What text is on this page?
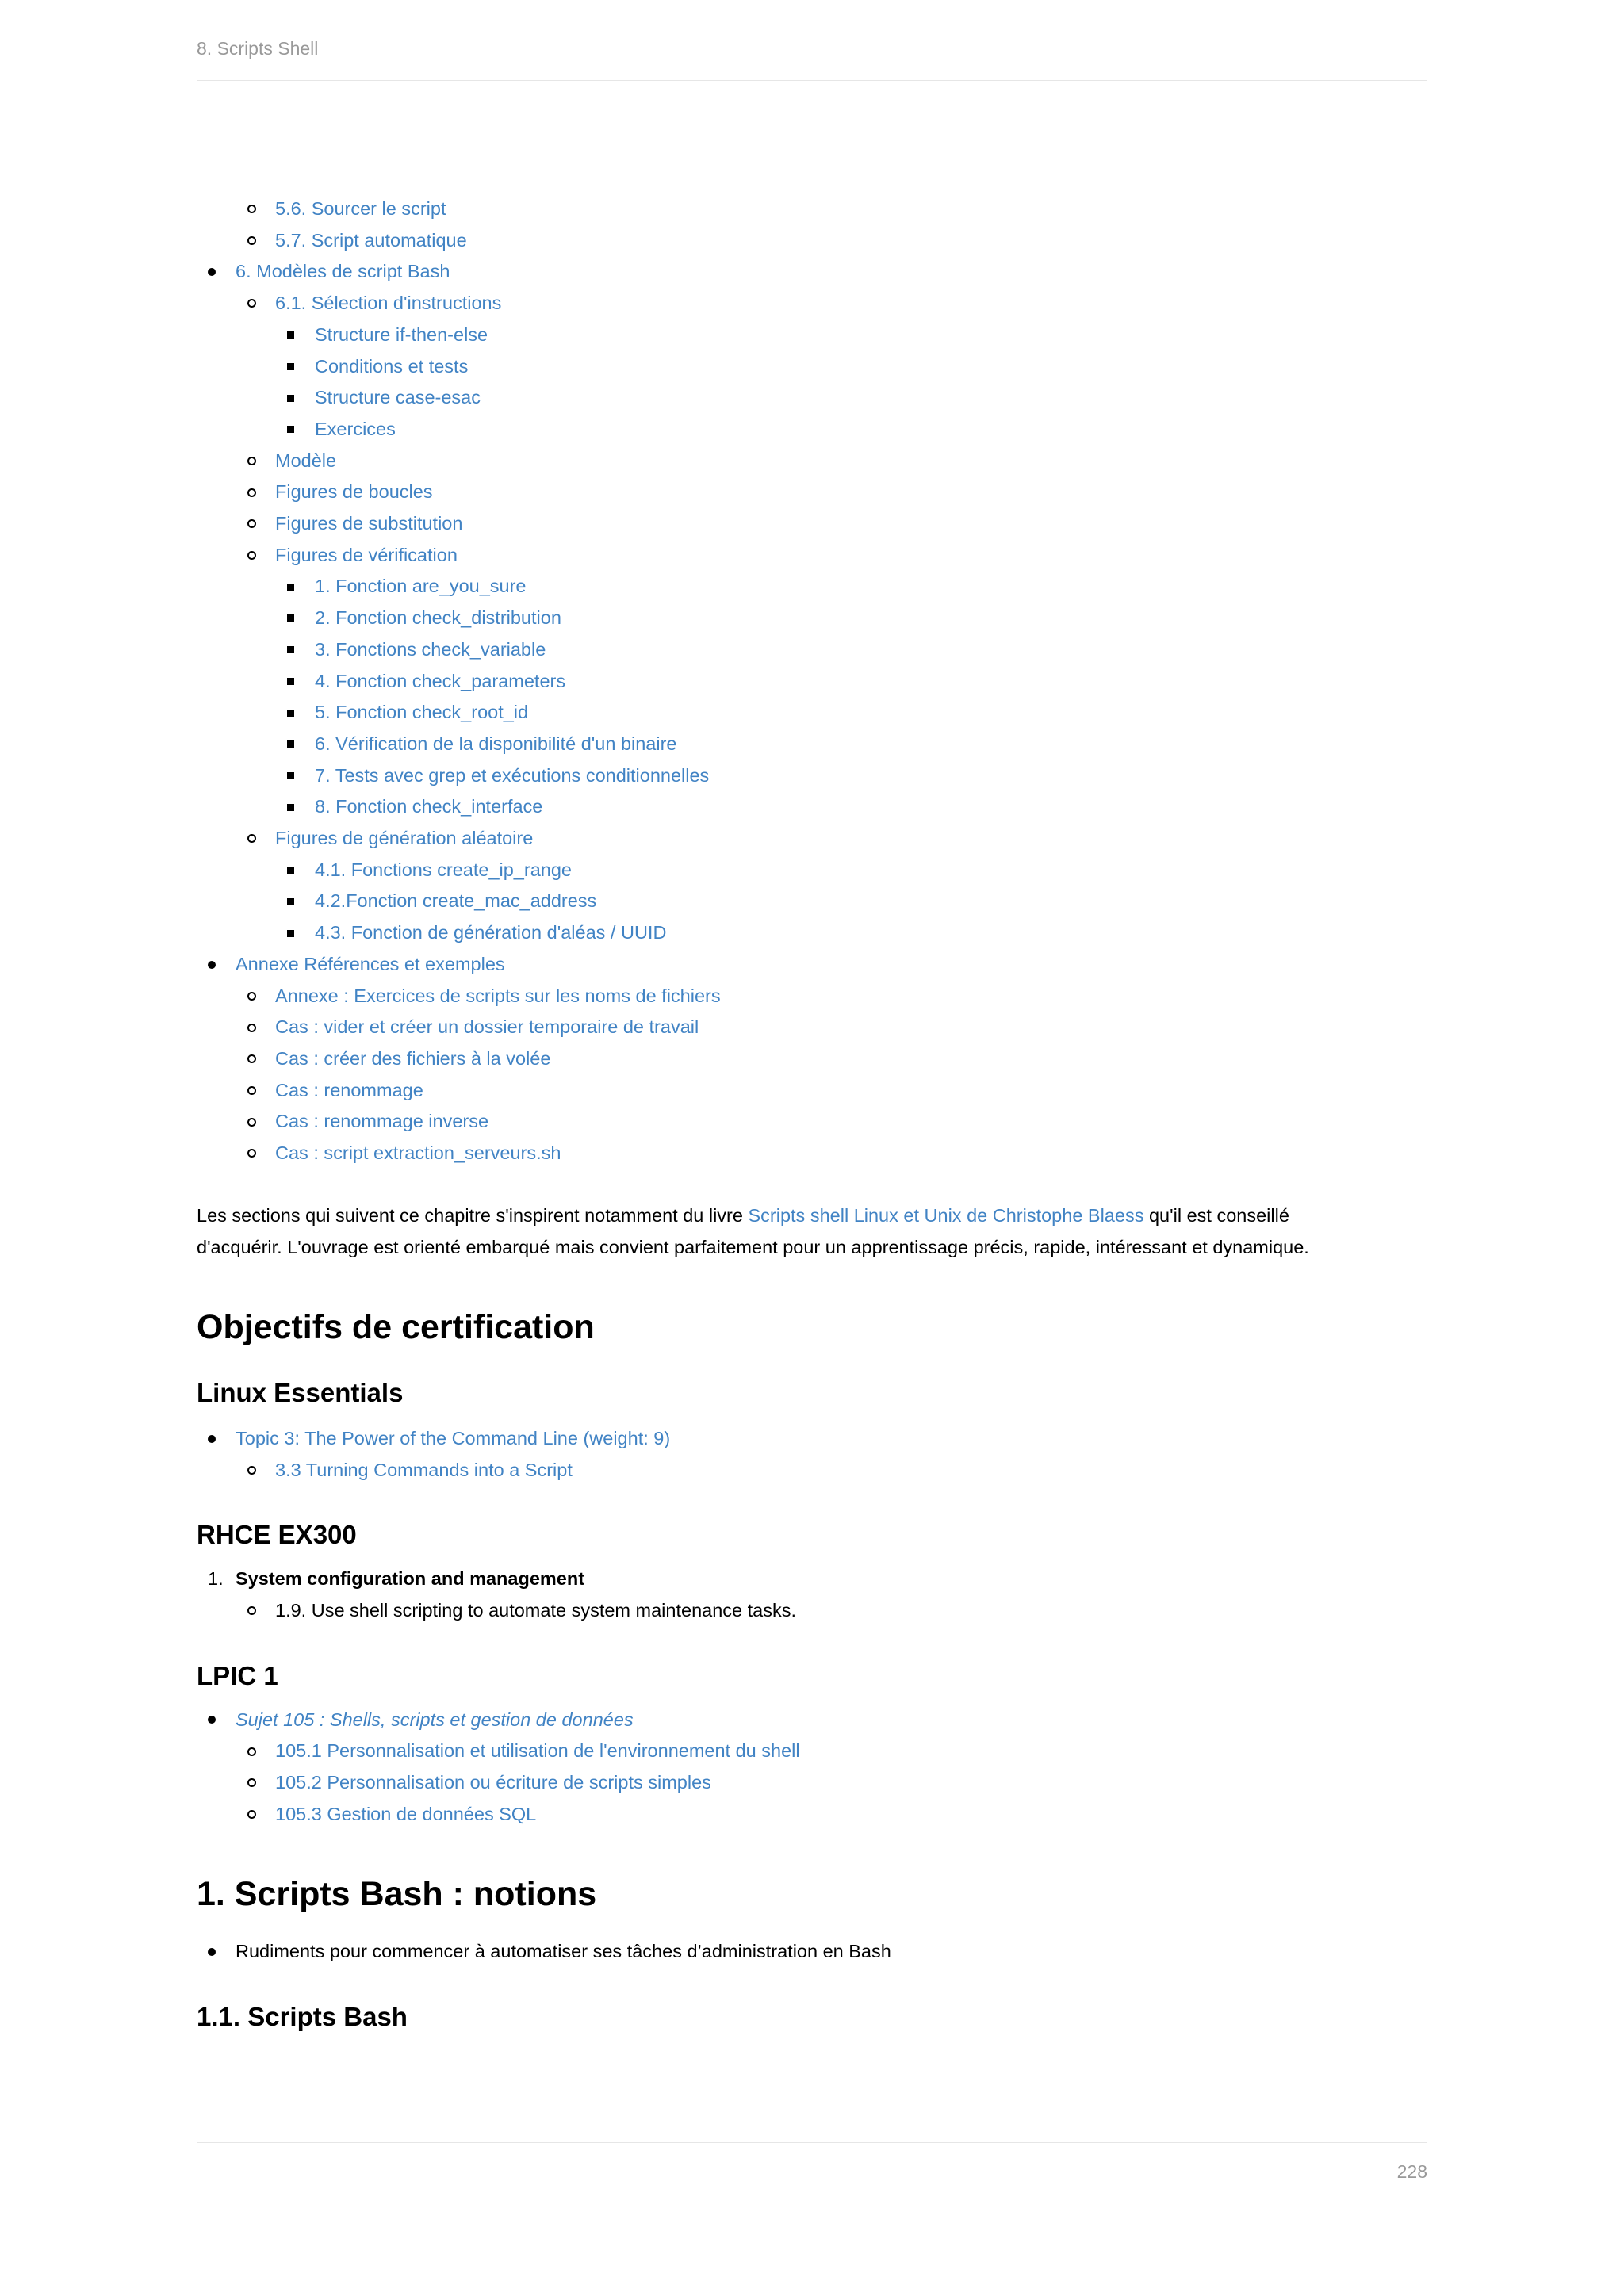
8. Scripts Shell
5.6. Sourcer le script
5.7. Script automatique
6. Modèles de script Bash
6.1. Sélection d'instructions
Structure if-then-else
Conditions et tests
Structure case-esac
Exercices
Modèle
Figures de boucles
Figures de substitution
Figures de vérification
1. Fonction are_you_sure
2. Fonction check_distribution
3. Fonctions check_variable
4. Fonction check_parameters
5. Fonction check_root_id
6. Vérification de la disponibilité d'un binaire
7. Tests avec grep et exécutions conditionnelles
8. Fonction check_interface
Figures de génération aléatoire
4.1. Fonctions create_ip_range
4.2.Fonction create_mac_address
4.3. Fonction de génération d'aléas / UUID
Annexe Références et exemples
Annexe : Exercices de scripts sur les noms de fichiers
Cas : vider et créer un dossier temporaire de travail
Cas : créer des fichiers à la volée
Cas : renommage
Cas : renommage inverse
Cas : script extraction_serveurs.sh

Les sections qui suivent ce chapitre s'inspirent notamment du livre Scripts shell Linux et Unix de Christophe Blaess qu'il est conseillé
d'acquérir. L'ouvrage est orienté embarqué mais convient parfaitement pour un apprentissage précis, rapide, intéressant et dynamique.

Objectifs de certification
Linux Essentials
Topic 3: The Power of the Command Line (weight: 9)
3.3 Turning Commands into a Script
RHCE EX300
1. System configuration and management
1.9. Use shell scripting to automate system maintenance tasks.
LPIC 1
Sujet 105 : Shells, scripts et gestion de données
105.1 Personnalisation et utilisation de l'environnement du shell
105.2 Personnalisation ou écriture de scripts simples
105.3 Gestion de données SQL
1. Scripts Bash : notions
Rudiments pour commencer à automatiser ses tâches d’administration en Bash
1.1. Scripts Bash
228
